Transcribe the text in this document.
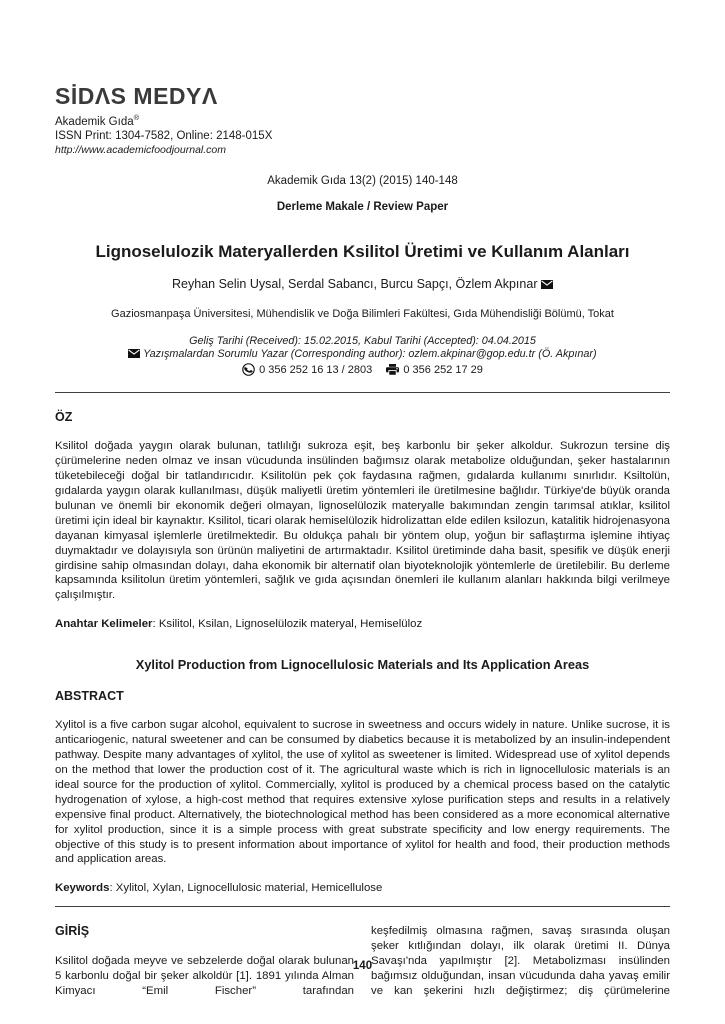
SİDΛS MEDYΛ
Akademik Gıda®
ISSN Print: 1304-7582, Online: 2148-015X
http://www.academicfoodjournal.com
Akademik Gıda 13(2) (2015) 140-148
Derleme Makale / Review Paper
Lignoselulozik Materyallerden Ksilitol Üretimi ve Kullanım Alanları
Reyhan Selin Uysal, Serdal Sabancı, Burcu Sapçı, Özlem Akpınar
Gaziosmanpaşa Üniversitesi, Mühendislik ve Doğa Bilimleri Fakültesi, Gıda Mühendisliği Bölümü, Tokat
Geliş Tarihi (Received): 15.02.2015, Kabul Tarihi (Accepted): 04.04.2015
Yazışmalardan Sorumlu Yazar (Corresponding author): ozlem.akpinar@gop.edu.tr (Ö. Akpınar)
0 356 252 16 13 / 2803
	0 356 252 17 29
ÖZ

Ksilitol doğada yaygın olarak bulunan, tatlılığı sukroza eşit, beş karbonlu bir şeker alkoldur. Sukrozun tersine diş çürümelerine neden olmaz ve insan vücudunda insülinden bağımsız olarak metabolize olduğundan, şeker hastalarının tüketebileceği doğal bir tatlandırıcıdır. Ksilitolün pek çok faydasına rağmen, gıdalarda kullanımı sınırlıdır. Ksiltolün, gıdalarda yaygın olarak kullanılması, düşük maliyetli üretim yöntemleri ile üretilmesine bağlıdır. Türkiye'de büyük oranda bulunan ve önemli bir ekonomik değeri olmayan, lignoselülozik materyalle bakımından zengin tarımsal atıklar, ksilitol üretimi için ideal bir kaynaktır. Ksilitol, ticari olarak hemiselülozik hidrolizattan elde edilen ksilozun, katalitik hidrojenasyona dayanan kimyasal işlemlerle üretilmektedir. Bu oldukça pahalı bir yöntem olup, yoğun bir saflaştırma işlemine ihtiyaç duymaktadır ve dolayısıyla son ürünün maliyetini de artırmaktadır. Ksilitol üretiminde daha basit, spesifik ve düşük enerji girdisine sahip olmasından dolayı, daha ekonomik bir alternatif olan biyoteknolojik yöntemlerle de üretilebilir. Bu derleme kapsamında ksilitolun üretim yöntemleri, sağlık ve gıda açısından önemleri ile kullanım alanları hakkında bilgi verilmeye çalışılmıştır.

Anahtar Kelimeler: Ksilitol, Ksilan, Lignoselülozik materyal, Hemiselüloz
Xylitol Production from Lignocellulosic Materials and Its Application Areas
ABSTRACT

Xylitol is a five carbon sugar alcohol, equivalent to sucrose in sweetness and occurs widely in nature. Unlike sucrose, it is anticariogenic, natural sweetener and can be consumed by diabetics because it is metabolized by an insulin-independent pathway. Despite many advantages of xylitol, the use of xylitol as sweetener is limited. Widespread use of xylitol depends on the method that lower the production cost of it. The agricultural waste which is rich in lignocellulosic materials is an ideal source for the production of xylitol. Commercially, xylitol is produced by a chemical process based on the catalytic hydrogenation of xylose, a high-cost method that requires extensive xylose purification steps and results in a relatively expensive final product. Alternatively, the biotechnological method has been considered as a more economical alternative for xylitol production, since it is a simple process with great substrate specificity and low energy requirements. The objective of this study is to present information about importance of xylitol for health and food, their production methods and application areas.

Keywords: Xylitol, Xylan, Lignocellulosic material, Hemicellulose
GİRİŞ
Ksilitol doğada meyve ve sebzelerde doğal olarak bulunan 5 karbonlu doğal bir şeker alkoldür [1]. 1891 yılında Alman Kimyacı “Emil Fischer” tarafından
keşfedilmiş olmasına rağmen, savaş sırasında oluşan şeker kıtlığından dolayı, ilk olarak üretimi II. Dünya Savaşı'nda yapılmıştır [2]. Metabolizması insülinden bağımsız olduğundan, insan vücudunda daha yavaş emilir ve kan şekerini hızlı değiştirmez; diş çürümelerine
140
